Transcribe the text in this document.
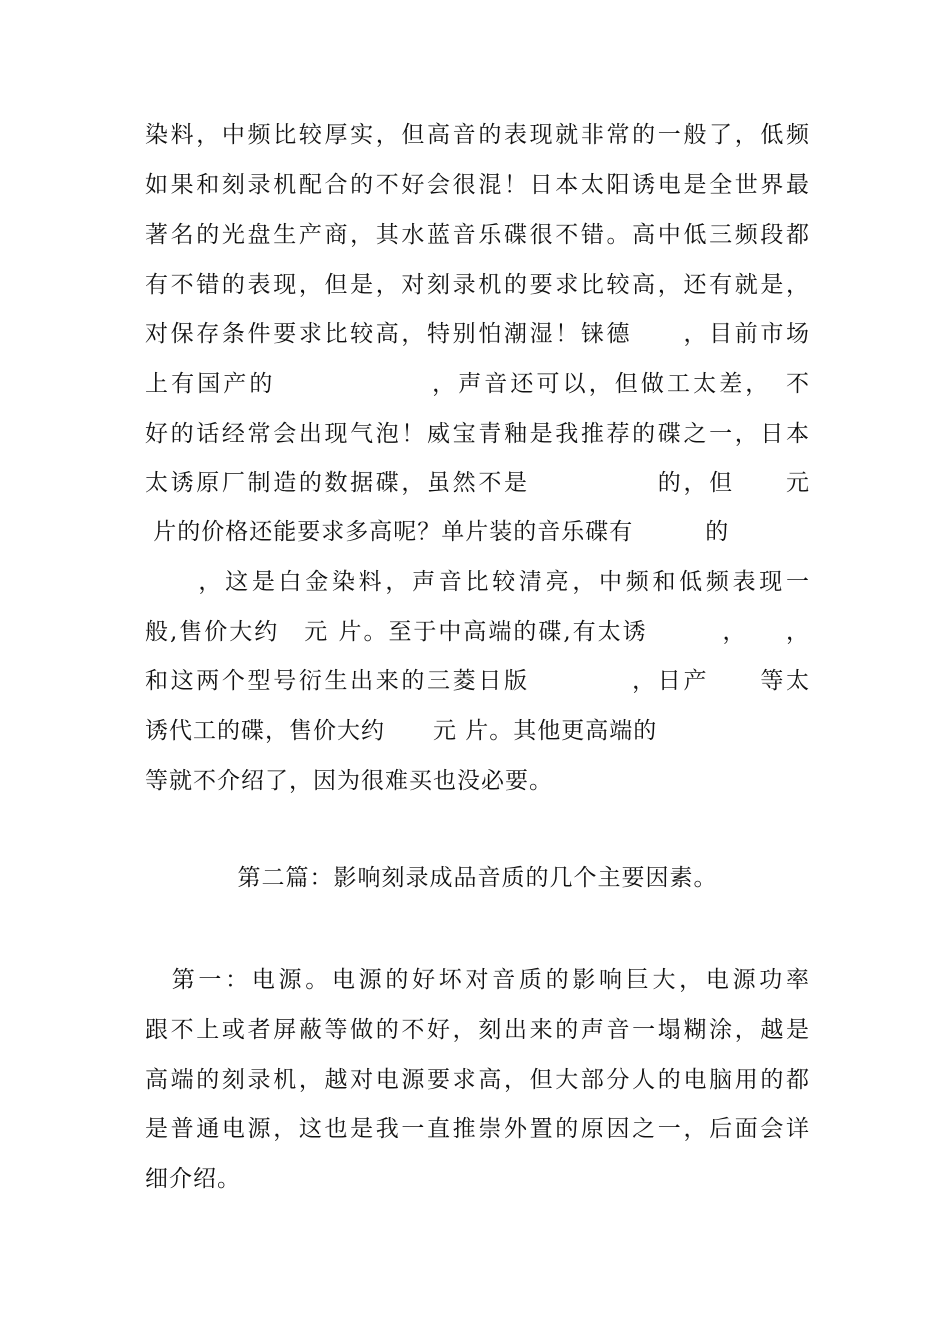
染料，中频比较厚实，但高音的表现就非常的一般了，低频
如果和刻录机配合的不好会很混！日本太阳诱电是全世界最
著名的光盘生产商，其水蓝音乐碟很不错。高中低三频段都
有不错的表现，但是，对刻录机的要求比较高，还有就是，
对保存条件要求比较高，特别怕潮湿！铼德　　，目前市场
上有国产的　　　　　　，声音还可以，但做工太差，　不
好的话经常会出现气泡！威宝青釉是我推荐的碟之一，日本
太诱原厂制造的数据碟，虽然不是　　　　　的，但　　元
片的价格还能要求多高呢？单片装的音乐碟有　　　的
　　，这是白金染料，声音比较清亮，中频和低频表现一
般,售价大约　元 片。至于中高端的碟,有太诱　　　，　　，
和这两个型号衍生出来的三菱日版　　　　，日产　　等太
诱代工的碟，售价大约　　元 片。其他更高端的
等就不介绍了，因为很难买也没必要。
第二篇：影响刻录成品音质的几个主要因素。
　第一：电源。电源的好坏对音质的影响巨大，电源功率
跟不上或者屏蔽等做的不好，刻出来的声音一塌糊涂，越是
高端的刻录机，越对电源要求高，但大部分人的电脑用的都
是普通电源，这也是我一直推崇外置的原因之一，后面会详
细介绍。
